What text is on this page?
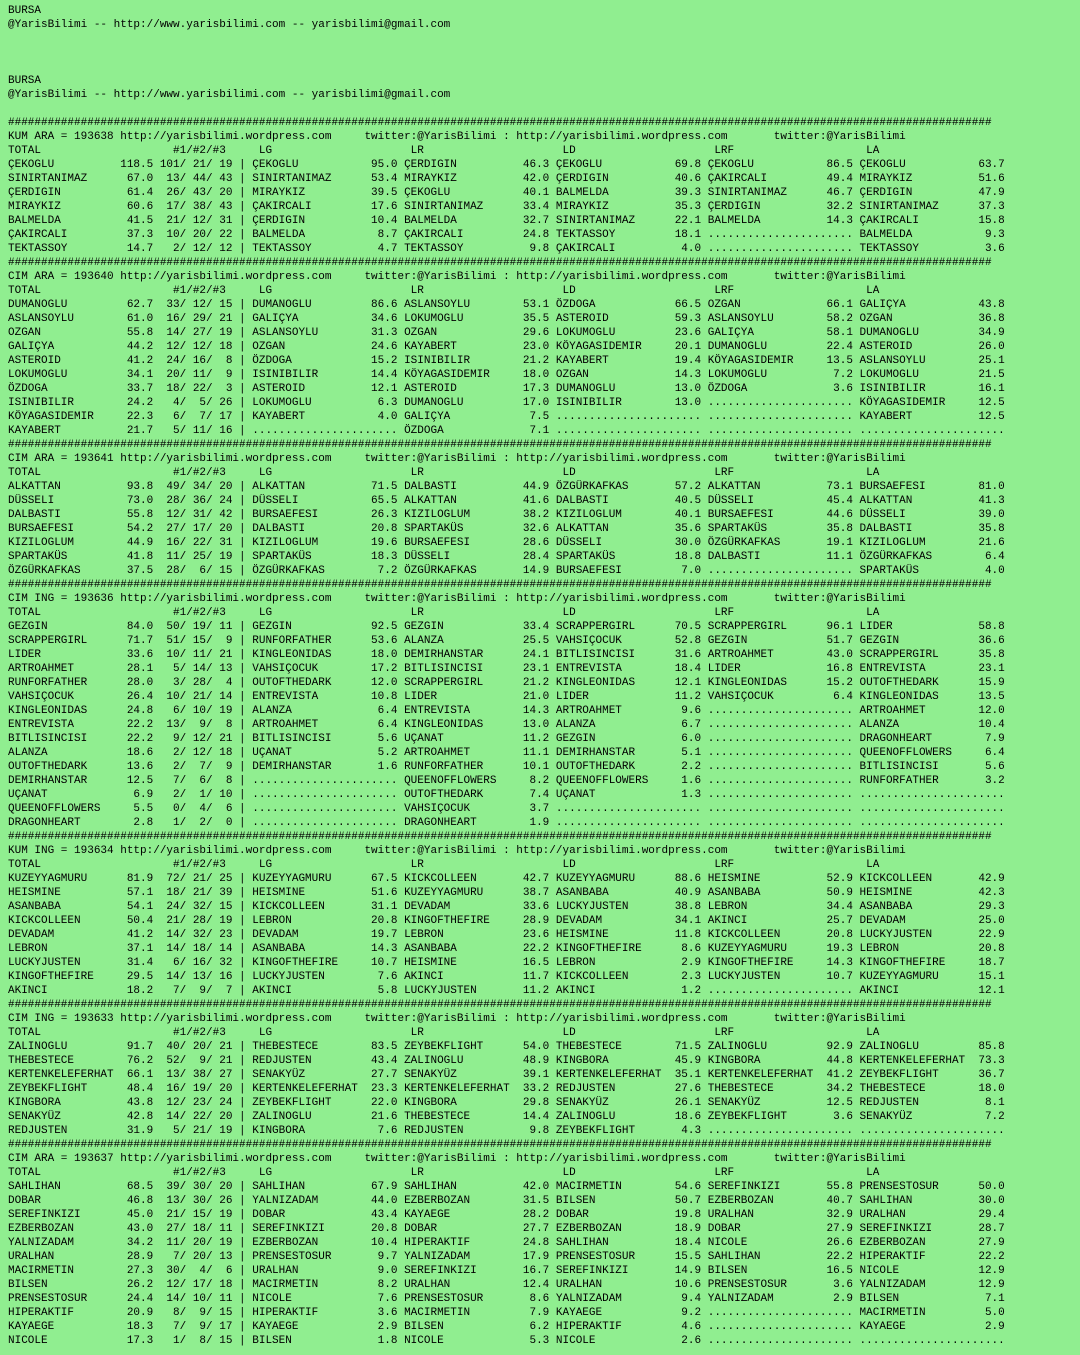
BURSA
@YarisBilimi -- http://www.yarisbilimi.com -- yarisbilimi@gmail.com
BURSA
@YarisBilimi -- http://www.yarisbilimi.com -- yarisbilimi@gmail.com
#####################################################################################################################################################
KUM ARA = 193638 http://yarisbilimi.wordpress.com     twitter:@YarisBilimi : http://yarisbilimi.wordpress.com       twitter:@YarisBilimi
TOTAL                    #1/#2/#3     LG                     LR                     LD                     LRF                    LA
ÇEKOGLU          118.5 101/ 21/ 19 | ÇEKOGLU           95.0 ÇERDIGIN          46.3 ÇEKOGLU           69.8 ÇEKOGLU           86.5 ÇEKOGLU           63.7
SINIRTANIMAZ      67.0  13/ 44/ 43 | SINIRTANIMAZ      53.4 MIRAYKIZ          42.0 ÇERDIGIN          40.6 ÇAKIRCALI         49.4 MIRAYKIZ          51.6
ÇERDIGIN          61.4  26/ 43/ 20 | MIRAYKIZ          39.5 ÇEKOGLU           40.1 BALMELDA          39.3 SINIRTANIMAZ      46.7 ÇERDIGIN          47.9
MIRAYKIZ          60.6  17/ 38/ 43 | ÇAKIRCALI         17.6 SINIRTANIMAZ      33.4 MIRAYKIZ          35.3 ÇERDIGIN          32.2 SINIRTANIMAZ      37.3
BALMELDA          41.5  21/ 12/ 31 | ÇERDIGIN          10.4 BALMELDA          32.7 SINIRTANIMAZ      22.1 BALMELDA          14.3 ÇAKIRCALI         15.8
ÇAKIRCALI         37.3  10/ 20/ 22 | BALMELDA           8.7 ÇAKIRCALI         24.8 TEKTASSOY         18.1 ...................... BALMELDA           9.3
TEKTASSOY         14.7   2/ 12/ 12 | TEKTASSOY          4.7 TEKTASSOY          9.8 ÇAKIRCALI          4.0 ...................... TEKTASSOY          3.6
#####################################################################################################################################################
CIM ARA = 193640 http://yarisbilimi.wordpress.com     twitter:@YarisBilimi : http://yarisbilimi.wordpress.com       twitter:@YarisBilimi
TOTAL                    #1/#2/#3     LG                     LR                     LD                     LRF                    LA
DUMANOGLU         62.7  33/ 12/ 15 | DUMANOGLU         86.6 ASLANSOYLU        53.1 ÖZDOGA            66.5 OZGAN             66.1 GALIÇYA           43.8
ASLANSOYLU        61.0  16/ 29/ 21 | GALIÇYA           34.6 LOKUMOGLU         35.5 ASTEROID          59.3 ASLANSOYLU        58.2 OZGAN             36.8
OZGAN             55.8  14/ 27/ 19 | ASLANSOYLU        31.3 OZGAN             29.6 LOKUMOGLU         23.6 GALIÇYA           58.1 DUMANOGLU         34.9
GALIÇYA           44.2  12/ 12/ 18 | OZGAN             24.6 KAYABERT          23.0 KÖYAGASIDEMIR     20.1 DUMANOGLU         22.4 ASTEROID          26.0
ASTEROID          41.2  24/ 16/  8 | ÖZDOGA            15.2 ISINIBILIR        21.2 KAYABERT          19.4 KÖYAGASIDEMIR     13.5 ASLANSOYLU        25.1
LOKUMOGLU         34.1  20/ 11/  9 | ISINIBILIR        14.4 KÖYAGASIDEMIR     18.0 OZGAN             14.3 LOKUMOGLU          7.2 LOKUMOGLU         21.5
ÖZDOGA            33.7  18/ 22/  3 | ASTEROID          12.1 ASTEROID          17.3 DUMANOGLU         13.0 ÖZDOGA             3.6 ISINIBILIR        16.1
ISINIBILIR        24.2   4/  5/ 26 | LOKUMOGLU          6.3 DUMANOGLU         17.0 ISINIBILIR        13.0 ...................... KÖYAGASIDEMIR     12.5
KÖYAGASIDEMIR     22.3   6/  7/ 17 | KAYABERT           4.0 GALIÇYA            7.5 ...................... ...................... KAYABERT          12.5
KAYABERT          21.7   5/ 11/ 16 | ...................... ÖZDOGA             7.1 ...................... ...................... ......................
#####################################################################################################################################################
CIM ARA = 193641 http://yarisbilimi.wordpress.com     twitter:@YarisBilimi : http://yarisbilimi.wordpress.com       twitter:@YarisBilimi
TOTAL                    #1/#2/#3     LG                     LR                     LD                     LRF                    LA
ALKATTAN          93.8  49/ 34/ 20 | ALKATTAN          71.5 DALBASTI          44.9 ÖZGÜRKAFKAS       57.2 ALKATTAN          73.1 BURSAEFESI        81.0
DÜSSELI           73.0  28/ 36/ 24 | DÜSSELI           65.5 ALKATTAN          41.6 DALBASTI          40.5 DÜSSELI           45.4 ALKATTAN          41.3
DALBASTI          55.8  12/ 31/ 42 | BURSAEFESI        26.3 KIZILOGLUM        38.2 KIZILOGLUM        40.1 BURSAEFESI        44.6 DÜSSELI           39.0
BURSAEFESI        54.2  27/ 17/ 20 | DALBASTI          20.8 SPARTAKÜS         32.6 ALKATTAN          35.6 SPARTAKÜS         35.8 DALBASTI          35.8
KIZILOGLUM        44.9  16/ 22/ 31 | KIZILOGLUM        19.6 BURSAEFESI        28.6 DÜSSELI           30.0 ÖZGÜRKAFKAS       19.1 KIZILOGLUM        21.6
SPARTAKÜS         41.8  11/ 25/ 19 | SPARTAKÜS         18.3 DÜSSELI           28.4 SPARTAKÜS         18.8 DALBASTI          11.1 ÖZGÜRKAFKAS        6.4
ÖZGÜRKAFKAS       37.5  28/  6/ 15 | ÖZGÜRKAFKAS        7.2 ÖZGÜRKAFKAS       14.9 BURSAEFESI         7.0 ...................... SPARTAKÜS          4.0
#####################################################################################################################################################
CIM ING = 193636 http://yarisbilimi.wordpress.com     twitter:@YarisBilimi : http://yarisbilimi.wordpress.com       twitter:@YarisBilimi
TOTAL                    #1/#2/#3     LG                     LR                     LD                     LRF                    LA
GEZGIN            84.0  50/ 19/ 11 | GEZGIN            92.5 GEZGIN            33.4 SCRAPPERGIRL      70.5 SCRAPPERGIRL      96.1 LIDER             58.8
SCRAPPERGIRL      71.7  51/ 15/  9 | RUNFORFATHER      53.6 ALANZA            25.5 VAHSIÇOCUK        52.8 GEZGIN            51.7 GEZGIN            36.6
LIDER             33.6  10/ 11/ 21 | KINGLEONIDAS      18.0 DEMIRHANSTAR      24.1 BITLISINCISI      31.6 ARTROAHMET        43.0 SCRAPPERGIRL      35.8
ARTROAHMET        28.1   5/ 14/ 13 | VAHSIÇOCUK        17.2 BITLISINCISI      23.1 ENTREVISTA        18.4 LIDER             16.8 ENTREVISTA        23.1
RUNFORFATHER      28.0   3/ 28/  4 | OUTOFTHEDARK      12.0 SCRAPPERGIRL      21.2 KINGLEONIDAS      12.1 KINGLEONIDAS      15.2 OUTOFTHEDARK      15.9
VAHSIÇOCUK        26.4  10/ 21/ 14 | ENTREVISTA        10.8 LIDER             21.0 LIDER             11.2 VAHSIÇOCUK         6.4 KINGLEONIDAS      13.5
KINGLEONIDAS      24.8   6/ 10/ 19 | ALANZA             6.4 ENTREVISTA        14.3 ARTROAHMET         9.6 ...................... ARTROAHMET        12.0
ENTREVISTA        22.2  13/  9/  8 | ARTROAHMET         6.4 KINGLEONIDAS      13.0 ALANZA             6.7 ...................... ALANZA            10.4
BITLISINCISI      22.2   9/ 12/ 21 | BITLISINCISI       5.6 UÇANAT            11.2 GEZGIN             6.0 ...................... DRAGONHEART        7.9
ALANZA            18.6   2/ 12/ 18 | UÇANAT             5.2 ARTROAHMET        11.1 DEMIRHANSTAR       5.1 ...................... QUEENOFFLOWERS     6.4
OUTOFTHEDARK      13.6   2/  7/  9 | DEMIRHANSTAR       1.6 RUNFORFATHER      10.1 OUTOFTHEDARK       2.2 ...................... BITLISINCISI       5.6
DEMIRHANSTAR      12.5   7/  6/  8 | ...................... QUEENOFFLOWERS     8.2 QUEENOFFLOWERS     1.6 ...................... RUNFORFATHER       3.2
UÇANAT             6.9   2/  1/ 10 | ...................... OUTOFTHEDARK       7.4 UÇANAT             1.3 ...................... ......................
QUEENOFFLOWERS     5.5   0/  4/  6 | ...................... VAHSIÇOCUK         3.7 ...................... ...................... ......................
DRAGONHEART        2.8   1/  2/  0 | ...................... DRAGONHEART        1.9 ...................... ...................... ......................
#####################################################################################################################################################
KUM ING = 193634 http://yarisbilimi.wordpress.com     twitter:@YarisBilimi : http://yarisbilimi.wordpress.com       twitter:@YarisBilimi
TOTAL                    #1/#2/#3     LG                     LR                     LD                     LRF                    LA
KUZEYYAGMURU      81.9  72/ 21/ 25 | KUZEYYAGMURU      67.5 KICKCOLLEEN       42.7 KUZEYYAGMURU      88.6 HEISMINE          52.9 KICKCOLLEEN       42.9
HEISMINE          57.1  18/ 21/ 39 | HEISMINE          51.6 KUZEYYAGMURU      38.7 ASANBABA          40.9 ASANBABA          50.9 HEISMINE          42.3
ASANBABA          54.1  24/ 32/ 15 | KICKCOLLEEN       31.1 DEVADAM           33.6 LUCKYJUSTEN       38.8 LEBRON            34.4 ASANBABA          29.3
KICKCOLLEEN       50.4  21/ 28/ 19 | LEBRON            20.8 KINGOFTHEFIRE     28.9 DEVADAM           34.1 AKINCI            25.7 DEVADAM           25.0
DEVADAM           41.2  14/ 32/ 23 | DEVADAM           19.7 LEBRON            23.6 HEISMINE          11.8 KICKCOLLEEN       20.8 LUCKYJUSTEN       22.9
LEBRON            37.1  14/ 18/ 14 | ASANBABA          14.3 ASANBABA          22.2 KINGOFTHEFIRE      8.6 KUZEYYAGMURU      19.3 LEBRON            20.8
LUCKYJUSTEN       31.4   6/ 16/ 32 | KINGOFTHEFIRE     10.7 HEISMINE          16.5 LEBRON             2.9 KINGOFTHEFIRE     14.3 KINGOFTHEFIRE     18.7
KINGOFTHEFIRE     29.5  14/ 13/ 16 | LUCKYJUSTEN        7.6 AKINCI            11.7 KICKCOLLEEN        2.3 LUCKYJUSTEN       10.7 KUZEYYAGMURU      15.1
AKINCI            18.2   7/  9/  7 | AKINCI             5.8 LUCKYJUSTEN       11.2 AKINCI             1.2 ...................... AKINCI            12.1
#####################################################################################################################################################
CIM ING = 193633 http://yarisbilimi.wordpress.com     twitter:@YarisBilimi : http://yarisbilimi.wordpress.com       twitter:@YarisBilimi
TOTAL                    #1/#2/#3     LG                     LR                     LD                     LRF                    LA
ZALINOGLU         91.7  40/ 20/ 21 | THEBESTECE        83.5 ZEYBEKFLIGHT      54.0 THEBESTECE        71.5 ZALINOGLU         92.9 ZALINOGLU         85.8
THEBESTECE        76.2  52/  9/ 21 | REDJUSTEN         43.4 ZALINOGLU         48.9 KINGBORA          45.9 KINGBORA          44.8 KERTENKELEFERHAT  73.3
KERTENKELEFERHAT  66.1  13/ 38/ 27 | SENAKYÜZ          27.7 SENAKYÜZ          39.1 KERTENKELEFERHAT  35.1 KERTENKELEFERHAT  41.2 ZEYBEKFLIGHT      36.7
ZEYBEKFLIGHT      48.4  16/ 19/ 20 | KERTENKELEFERHAT  23.3 KERTENKELEFERHAT  33.2 REDJUSTEN         27.6 THEBESTECE        34.2 THEBESTECE        18.0
KINGBORA          43.8  12/ 23/ 24 | ZEYBEKFLIGHT      22.0 KINGBORA          29.8 SENAKYÜZ          26.1 SENAKYÜZ          12.5 REDJUSTEN          8.1
SENAKYÜZ          42.8  14/ 22/ 20 | ZALINOGLU         21.6 THEBESTECE        14.4 ZALINOGLU         18.6 ZEYBEKFLIGHT       3.6 SENAKYÜZ           7.2
REDJUSTEN         31.9   5/ 21/ 19 | KINGBORA           7.6 REDJUSTEN          9.8 ZEYBEKFLIGHT       4.3 ...................... ......................
#####################################################################################################################################################
CIM ARA = 193637 http://yarisbilimi.wordpress.com     twitter:@YarisBilimi : http://yarisbilimi.wordpress.com       twitter:@YarisBilimi
TOTAL                    #1/#2/#3     LG                     LR                     LD                     LRF                    LA
SAHLIHAN          68.5  39/ 30/ 20 | SAHLIHAN          67.9 SAHLIHAN          42.0 MACIRMETIN        54.6 SEREFINKIZI       55.8 PRENSESTOSUR      50.0
DOBAR             46.8  13/ 30/ 26 | YALNIZADAM        44.0 EZBERBOZAN        31.5 BILSEN            50.7 EZBERBOZAN        40.7 SAHLIHAN          30.0
SEREFINKIZI       45.0  21/ 15/ 19 | DOBAR             43.4 KAYAEGE           28.2 DOBAR             19.8 URALHAN           32.9 URALHAN           29.4
EZBERBOZAN        43.0  27/ 18/ 11 | SEREFINKIZI       20.8 DOBAR             27.7 EZBERBOZAN        18.9 DOBAR             27.9 SEREFINKIZI       28.7
YALNIZADAM        34.2  11/ 20/ 19 | EZBERBOZAN        10.4 HIPERAKTIF        24.8 SAHLIHAN          18.4 NICOLE            26.6 EZBERBOZAN        27.9
URALHAN           28.9   7/ 20/ 13 | PRENSESTOSUR       9.7 YALNIZADAM        17.9 PRENSESTOSUR      15.5 SAHLIHAN          22.2 HIPERAKTIF        22.2
MACIRMETIN        27.3  30/  4/  6 | URALHAN            9.0 SEREFINKIZI       16.7 SEREFINKIZI       14.9 BILSEN            16.5 NICOLE            12.9
BILSEN            26.2  12/ 17/ 18 | MACIRMETIN         8.2 URALHAN           12.4 URALHAN           10.6 PRENSESTOSUR       3.6 YALNIZADAM        12.9
PRENSESTOSUR      24.4  14/ 10/ 11 | NICOLE             7.6 PRENSESTOSUR       8.6 YALNIZADAM         9.4 YALNIZADAM         2.9 BILSEN             7.1
HIPERAKTIF        20.9   8/  9/ 15 | HIPERAKTIF         3.6 MACIRMETIN         7.9 KAYAEGE            9.2 ...................... MACIRMETIN         5.0
KAYAEGE           18.3   7/  9/ 17 | KAYAEGE            2.9 BILSEN             6.2 HIPERAKTIF         4.6 ...................... KAYAEGE            2.9
NICOLE            17.3   1/  8/ 15 | BILSEN             1.8 NICOLE             5.3 NICOLE             2.6 ...................... ......................
